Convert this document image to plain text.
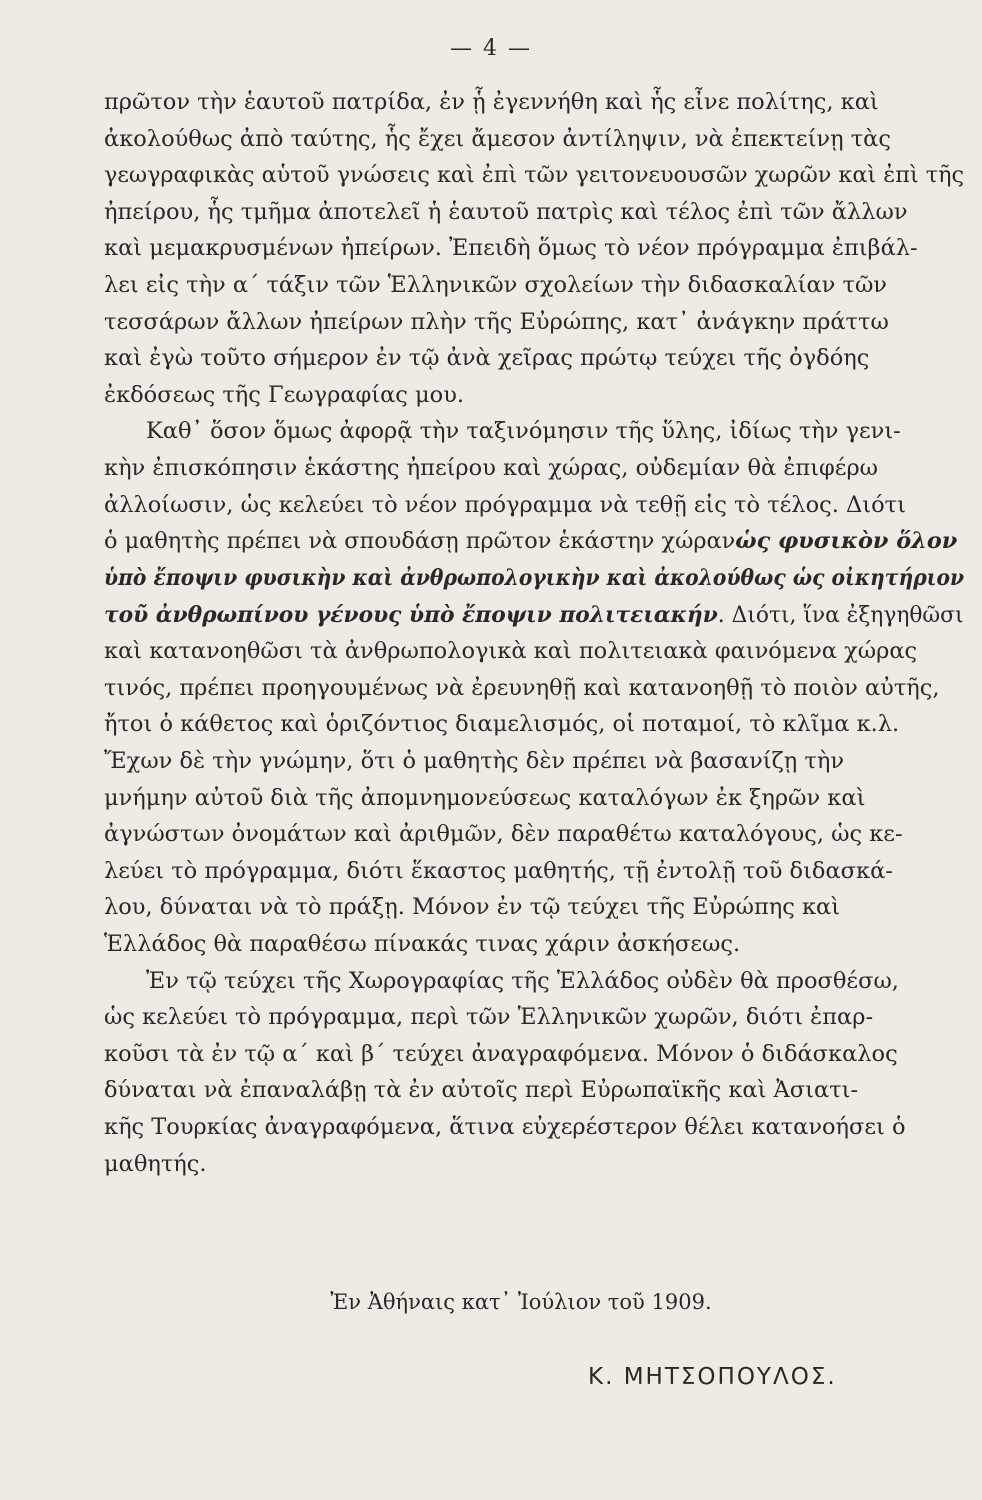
— 4 —
πρῶτον τὴν ἑαυτοῦ πατρίδα, ἐν ᾗ ἐγεννήθη καὶ ἧς εἶνε πολίτης, καὶ
ἀκολούθως ἀπὸ ταύτης, ἧς ἔχει ἄμεσον ἀντίληψιν, νὰ ἐπεκτείνῃ τὰς
γεωγραφικὰς αὑτοῦ γνώσεις καὶ ἐπὶ τῶν γειτονευουσῶν χωρῶν καὶ ἐπὶ τῆς
ἠπείρου, ἧς τμῆμα ἀποτελεῖ ἡ ἑαυτοῦ πατρὶς καὶ τέλος ἐπὶ τῶν ἄλλων
καὶ μεμακρυσμένων ἠπείρων. Ἐπειδὴ ὅμως τὸ νέον πρόγραμμα ἐπιβάλ-
λει εἰς τὴν α΄ τάξιν τῶν Ἑλληνικῶν σχολείων τὴν διδασκαλίαν τῶν
τεσσάρων ἄλλων ἠπείρων πλὴν τῆς Εὐρώπης, κατ᾽ ἀνάγκην πράττω
καὶ ἐγὼ τοῦτο σήμερον ἐν τῷ ἀνὰ χεῖρας πρώτῳ τεύχει τῆς ὀγδόης
ἐκδόσεως τῆς Γεωγραφίας μου.
Καθ᾽ ὅσον ὅμως ἀφορᾷ τὴν ταξινόμησιν τῆς ὕλης, ἰδίως τὴν γενι-
κὴν ἐπισκόπησιν ἑκάστης ἠπείρου καὶ χώρας, οὐδεμίαν θὰ ἐπιφέρω
ἀλλοίωσιν, ὡς κελεύει τὸ νέον πρόγραμμα νὰ τεθῇ εἰς τὸ τέλος. Διότι
ὁ μαθητὴς πρέπει νὰ σπουδάσῃ πρῶτον ἑκάστην χώρανὡς φυσικὸν ὅλον
ὑπὸ ἔποψιν φυσικὴν καὶ ἀνθρωπολογικὴν καὶ ἀκολούθως ὡς οἰκητήριον
τοῦ ἀνθρωπίνου γένους ὑπὸ ἔποψιν πολιτειακήν. Διότι, ἵνα ἐξηγηθῶσι
καὶ κατανοηθῶσι τὰ ἀνθρωπολογικὰ καὶ πολιτειακὰ φαινόμενα χώρας
τινός, πρέπει προηγουμένως νὰ ἐρευνηθῇ καὶ κατανοηθῇ τὸ ποιὸν αὐτῆς,
ἤτοι ὁ κάθετος καὶ ὁριζόντιος διαμελισμός, οἱ ποταμοί, τὸ κλῖμα κ.λ.
Ἔχων δὲ τὴν γνώμην, ὅτι ὁ μαθητὴς δὲν πρέπει νὰ βασανίζῃ τὴν
μνήμην αὐτοῦ διὰ τῆς ἀπομνημονεύσεως καταλόγων ἐκ ξηρῶν καὶ
ἀγνώστων ὀνομάτων καὶ ἀριθμῶν, δὲν παραθέτω καταλόγους, ὡς κε-
λεύει τὸ πρόγραμμα, διότι ἕκαστος μαθητής, τῇ ἐντολῇ τοῦ διδασκά-
λου, δύναται νὰ τὸ πράξῃ. Μόνον ἐν τῷ τεύχει τῆς Εὐρώπης καὶ
Ἑλλάδος θὰ παραθέσω πίνακάς τινας χάριν ἀσκήσεως.
Ἐν τῷ τεύχει τῆς Χωρογραφίας τῆς Ἑλλάδος οὐδὲν θὰ προσθέσω,
ὡς κελεύει τὸ πρόγραμμα, περὶ τῶν Ἑλληνικῶν χωρῶν, διότι ἐπαρ-
κοῦσι τὰ ἐν τῷ α΄ καὶ β΄ τεύχει ἀναγραφόμενα. Μόνον ὁ διδάσκαλος
δύναται νὰ ἐπαναλάβῃ τὰ ἐν αὐτοῖς περὶ Εὐρωπαϊκῆς καὶ Ἀσιατι-
κῆς Τουρκίας ἀναγραφόμενα, ἅτινα εὐχερέστερον θέλει κατανοήσει ὁ
μαθητής.
Ἐν Ἀθήναις κατ᾽ Ἰούλιον τοῦ 1909.
Κ. ΜΗΤΣΟΠΟΥΛΟΣ.
